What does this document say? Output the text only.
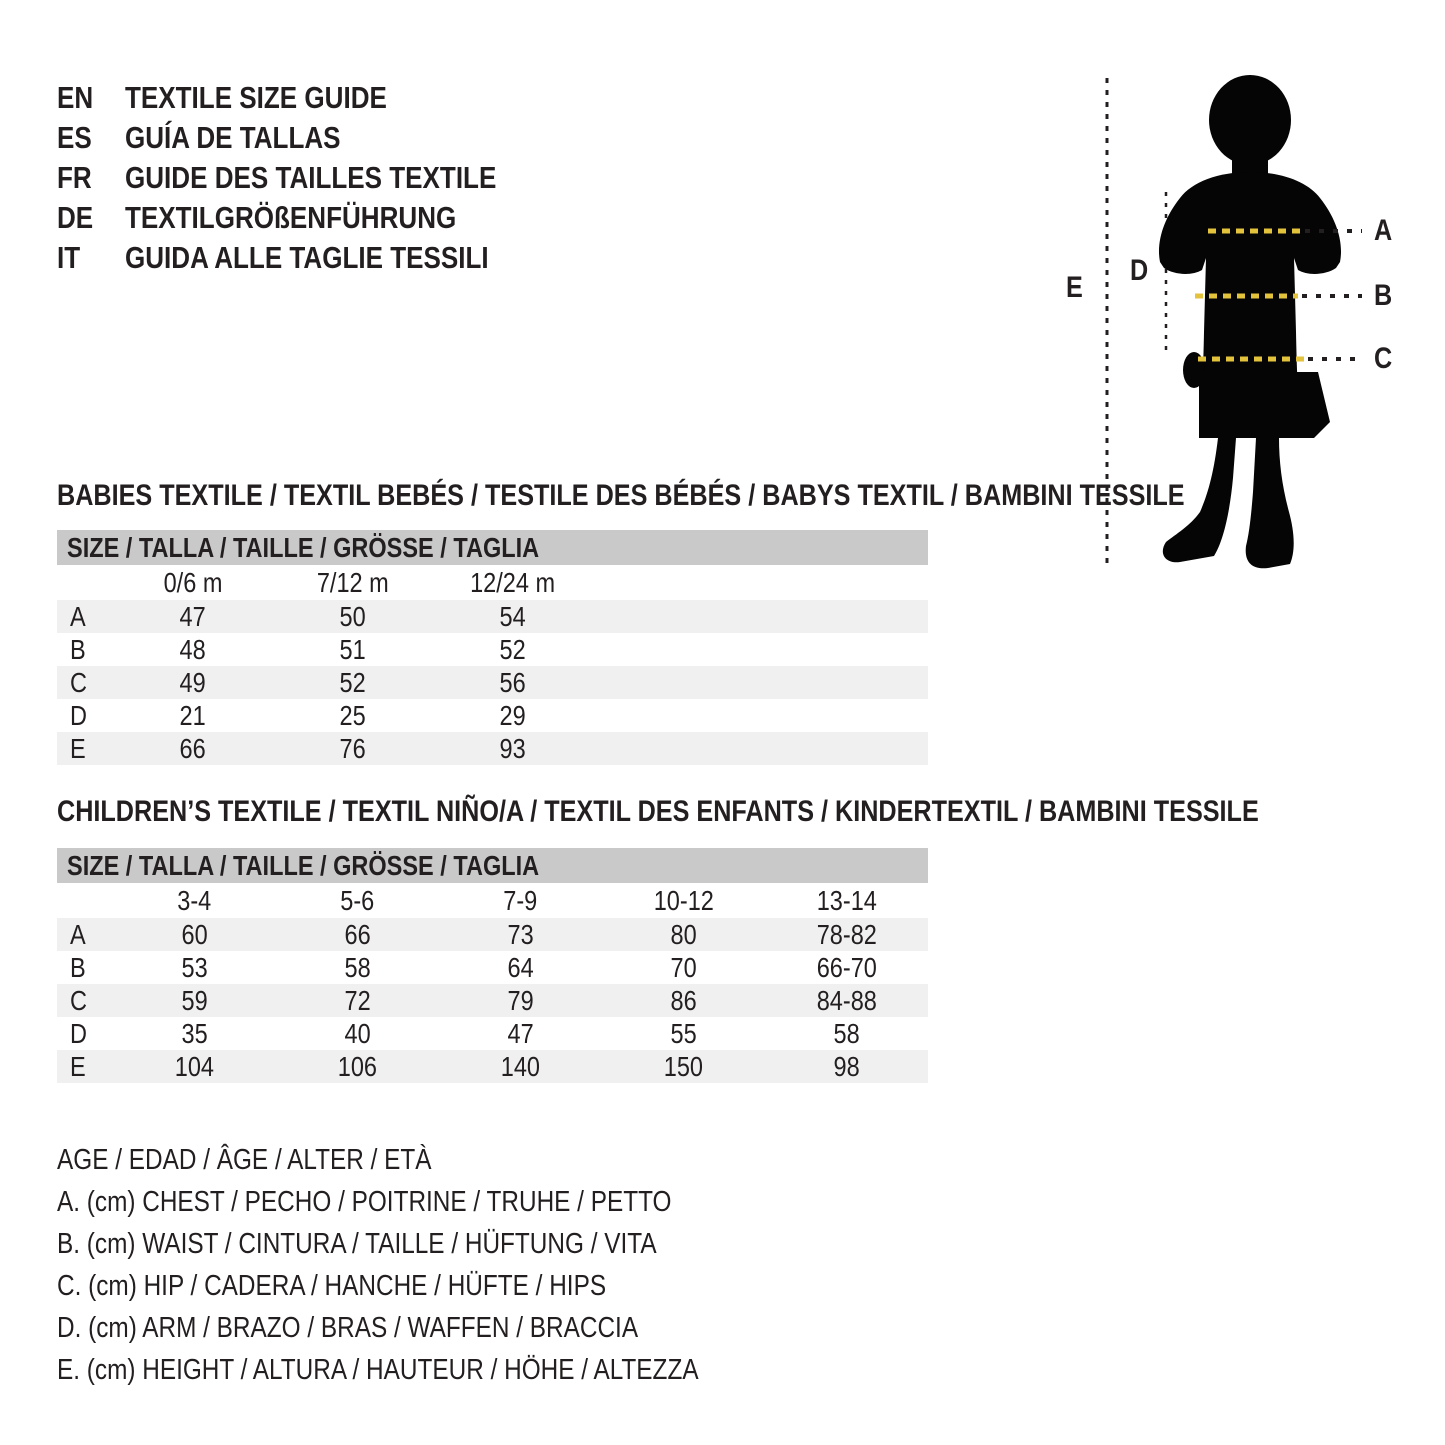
EN TEXTILE SIZE GUIDE
ES GUÍA DE TALLAS
FR GUIDE DES TAILLES TEXTILE
DE TEXTILGRÖßENFÜHRUNG
IT GUIDA ALLE TAGLIE TESSILI
A
B
C
D
E
BABIES TEXTILE / TEXTIL BEBÉS / TESTILE DES BÉBÉS / BABYS TEXTIL / BAMBINI TESSILE
SIZE / TALLA / TAILLE / GRÖSSE / TAGLIA
	0/6 m	7/12 m	12/24 m	
A	47	50	54	
B	48	51	52	
C	49	52	56	
D	21	25	29	
E	66	76	93	
CHILDREN’S TEXTILE / TEXTIL NIÑO/A / TEXTIL DES ENFANTS / KINDERTEXTIL / BAMBINI TESSILE
SIZE / TALLA / TAILLE / GRÖSSE / TAGLIA
	3-4	5-6	7-9	10-12	13-14
A	60	66	73	80	78-82
B	53	58	64	70	66-70
C	59	72	79	86	84-88
D	35	40	47	55	58
E	104	106	140	150	98
AGE / EDAD / ÂGE / ALTER / ETÀ
A. (cm) CHEST / PECHO / POITRINE / TRUHE / PETTO
B. (cm) WAIST / CINTURA / TAILLE / HÜFTUNG / VITA
C. (cm) HIP / CADERA / HANCHE / HÜFTE / HIPS
D. (cm) ARM / BRAZO / BRAS / WAFFEN / BRACCIA
E. (cm) HEIGHT / ALTURA / HAUTEUR / HÖHE / ALTEZZA
